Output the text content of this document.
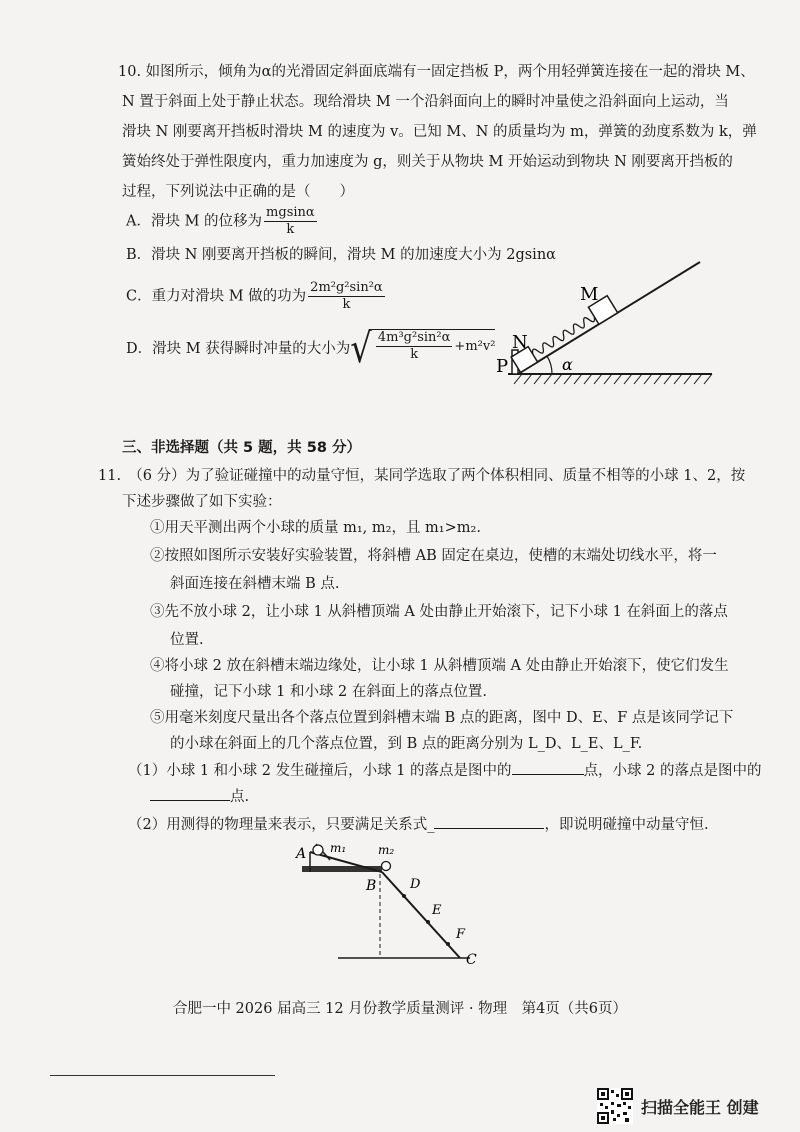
10. 如图所示，倾角为α的光滑固定斜面底端有一固定挡板 P，两个用轻弹簧连接在一起的滑块 M、
N 置于斜面上处于静止状态。现给滑块 M 一个沿斜面向上的瞬时冲量使之沿斜面向上运动，当
滑块 N 刚要离开挡板时滑块 M 的速度为 v。已知 M、N 的质量均为 m，弹簧的劲度系数为 k，弹
簧始终处于弹性限度内，重力加速度为 g，则关于从物块 M 开始运动到物块 N 刚要离开挡板的
过程，下列说法中正确的是（　　）
A．滑块 M 的位移为 $\frac{mgsin\alpha}{k}$
B．滑块 N 刚要离开挡板的瞬间，滑块 M 的加速度大小为 2gsinα
C．重力对滑块 M 做的功为 $\frac{\text{2m²g²sin²α}}{k}$
D．滑块 M 获得瞬时冲量的大小为 √ $\frac{\text{4m³g²sin²α}}{k} +m^2v^2$
M
N
P	α
三、非选择题（共 5 题，共 58 分）
11.　（6 分）为了验证碰撞中的动量守恒，某同学选取了两个体积相同、质量不相等的小球 1、2，按
下述步骤做了如下实验：
①用天平测出两个小球的质量 m₁, m₂，且 m₁>m₂.
②按照如图所示安装好实验装置，将斜槽 AB 固定在桌边，使槽的末端处切线水平，将一
斜面连接在斜槽末端 B 点.
③先不放小球 2，让小球 1 从斜槽顶端 A 处由静止开始滚下，记下小球 1 在斜面上的落点
位置.
④将小球 2 放在斜槽末端边缘处，让小球 1 从斜槽顶端 A 处由静止开始滚下，使它们发生
碰撞，记下小球 1 和小球 2 在斜面上的落点位置.
⑤用毫米刻度尺量出各个落点位置到斜槽末端 B 点的距离，图中 D、E、F 点是该同学记下
的小球在斜面上的几个落点位置，到 B 点的距离分别为 L_D、L_E、L_F.
（1）小球 1 和小球 2 发生碰撞后，小球 1 的落点是图中的	点，小球 2 的落点是图中的
点.
（2）用测得的物理量来表示，只要满足关系式_	，即说明碰撞中动量守恒.
A m₁	m₂
B	D
E
F
C
合肥一中 2026 届高三 12 月份教学质量测评 · 物理　第4页（共6页）
扫描全能王 创建
